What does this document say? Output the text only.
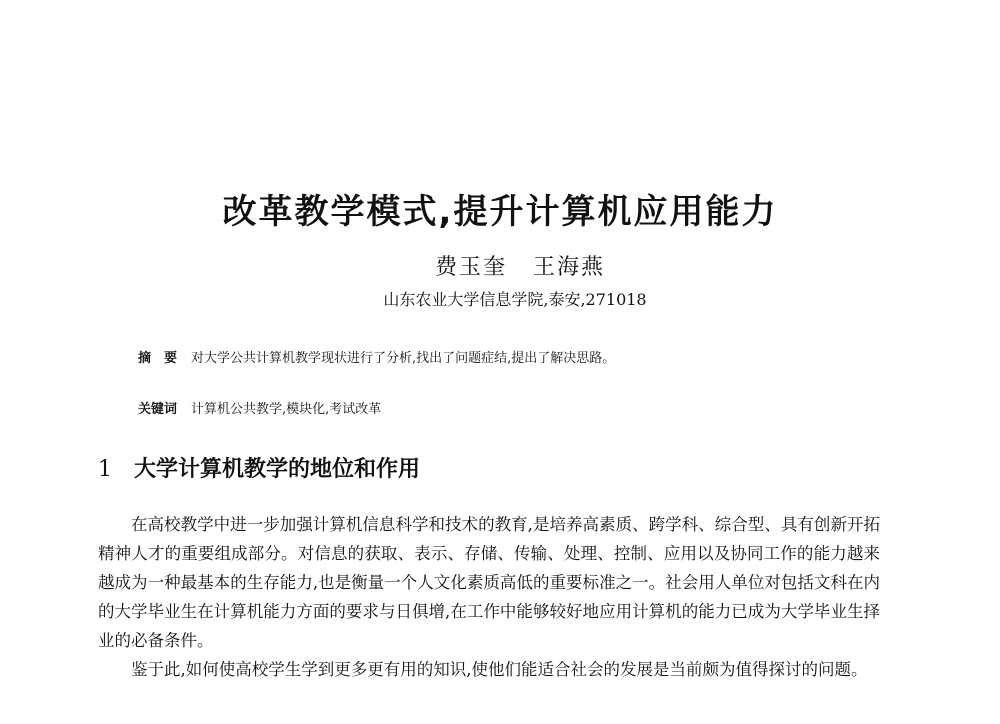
改革教学模式,提升计算机应用能力
费玉奎 王海燕
山东农业大学信息学院,泰安,271018
摘　要 对大学公共计算机教学现状进行了分析,找出了问题症结,提出了解决思路。
关键词 计算机公共教学,模块化,考试改革
1 大学计算机教学的地位和作用

在高校教学中进一步加强计算机信息科学和技术的教育,是培养高素质、跨学科、综合型、具有创新开拓精神人才的重要组成部分。对信息的获取、表示、存储、传输、处理、控制、应用以及协同工作的能力越来越成为一种最基本的生存能力,也是衡量一个人文化素质高低的重要标准之一。社会用人单位对包括文科在内的大学毕业生在计算机能力方面的要求与日俱增,在工作中能够较好地应用计算机的能力已成为大学毕业生择业的必备条件。

鉴于此,如何使高校学生学到更多更有用的知识,使他们能适合社会的发展是当前颇为值得探讨的问题。
